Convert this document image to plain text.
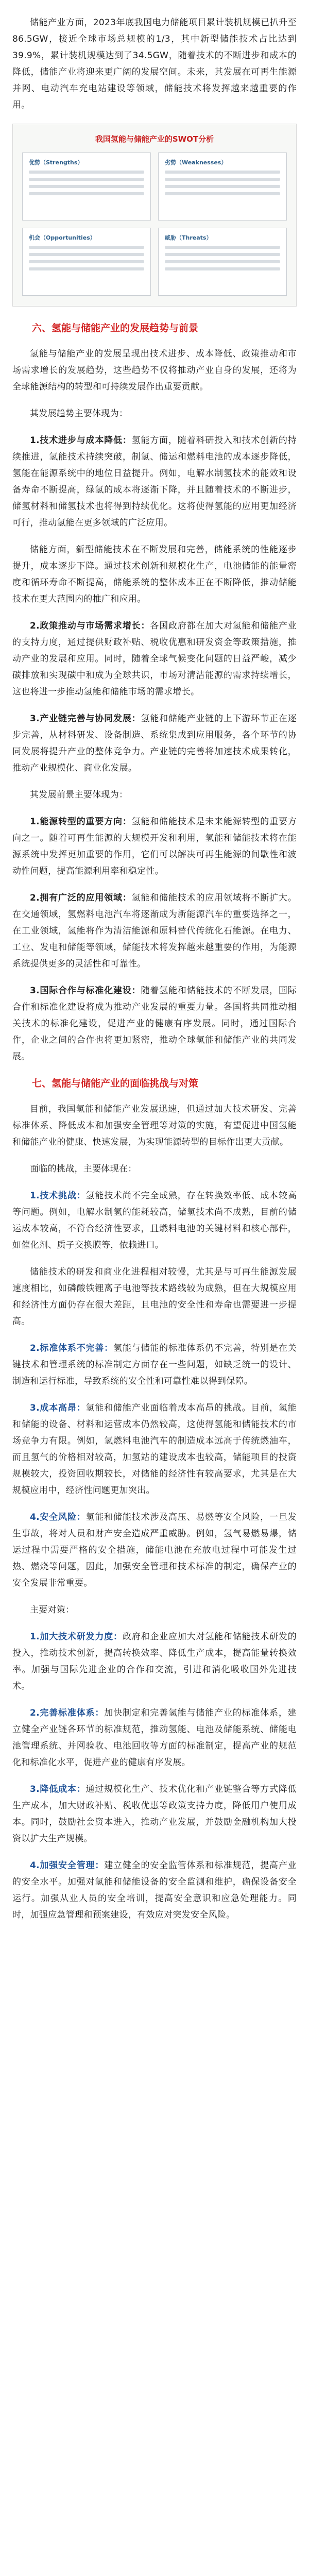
储能产业方面，2023年底我国电力储能项目累计装机规模已扒升至86.5GW，接近全球市场总规模的1/3，其中新型储能技术占比达到39.9%，累计装机规模达到了34.5GW，随着技术的不断进步和成本的降低，储能产业将迎来更广阔的发展空间。未来，其发展在可再生能源并网、电动汽车充电站建设等领域，储能技术将发挥越来越重要的作用。

我国氢能与储能产业的SWOT分析
优势（Strengths）	劣势（Weaknesses）
机会（Opportunities）	威胁（Threats）
六、氢能与储能产业的发展趋势与前景

氢能与储能产业的发展呈现出技术进步、成本降低、政策推动和市场需求增长的发展趋势，这些趋势不仅将推动产业自身的发展，还将为全球能源结构的转型和可持续发展作出重要贡献。

其发展趋势主要体现为：

1.技术进步与成本降低：氢能方面，随着科研投入和技术创新的持续推进，氢能技术持续突破，制氢、储运和燃料电池的成本逐步降低，氢能在能源系统中的地位日益提升。例如，电解水制氢技术的能效和设备寿命不断提高，绿氢的成本将逐渐下降，并且随着技术的不断进步，储氢材料和储氢技术也将得到持续优化。这将使得氢能的应用更加经济可行，推动氢能在更多领域的广泛应用。

储能方面，新型储能技术在不断发展和完善，储能系统的性能逐步提升，成本逐步下降。通过技术创新和规模化生产，电池储能的能量密度和循环寿命不断提高，储能系统的整体成本正在不断降低，推动储能技术在更大范围内的推广和应用。

2.政策推动与市场需求增长：各国政府都在加大对氢能和储能产业的支持力度，通过提供财政补贴、税收优惠和研发资金等政策措施，推动产业的发展和应用。同时，随着全球气候变化问题的日益严峻，减少碳排放和实现碳中和成为全球共识，市场对清洁能源的需求持续增长，这也将进一步推动氢能和储能市场的需求增长。

3.产业链完善与协同发展：氢能和储能产业链的上下游环节正在逐步完善，从材料研发、设备制造、系统集成到应用服务，各个环节的协同发展将提升产业的整体竞争力。产业链的完善将加速技术成果转化，推动产业规模化、商业化发展。

其发展前景主要体现为：

1.能源转型的重要方向：氢能和储能技术是未来能源转型的重要方向之一。随着可再生能源的大规模开发和利用，氢能和储能技术将在能源系统中发挥更加重要的作用，它们可以解决可再生能源的间歇性和波动性问题，提高能源利用率和稳定性。

2.拥有广泛的应用领域：氢能和储能技术的应用领域将不断扩大。在交通领域，氢燃料电池汽车将逐渐成为新能源汽车的重要选择之一，在工业领域，氢能将作为清洁能源和原料替代传统化石能源。在电力、工业、发电和储能等领域，储能技术将发挥越来越重要的作用，为能源系统提供更多的灵活性和可靠性。

3.国际合作与标准化建设：随着氢能和储能技术的不断发展，国际合作和标准化建设将成为推动产业发展的重要力量。各国将共同推动相关技术的标准化建设，促进产业的健康有序发展。同时，通过国际合作，企业之间的合作也将更加紧密，推动全球氢能和储能产业的共同发展。

七、氢能与储能产业的面临挑战与对策

目前，我国氢能和储能产业发展迅速，但通过加大技术研发、完善标准体系、降低成本和加强安全管理等对策的实施，有望促进中国氢能和储能产业的健康、快速发展，为实现能源转型的目标作出更大贡献。

面临的挑战，主要体现在：

1.技术挑战：氢能技术尚不完全成熟，存在转换效率低、成本较高等问题。例如，电解水制氢的能耗较高，储氢技术尚不成熟，目前的储运成本较高，不符合经济性要求，且燃料电池的关键材料和核心部件，如催化剂、质子交换膜等，依赖进口。

储能技术的研发和商业化进程相对较慢，尤其是与可再生能源发展速度相比，如磷酸铁锂离子电池等技术路线较为成熟，但在大规模应用和经济性方面仍存在很大差距，且电池的安全性和寿命也需要进一步提高。

2.标准体系不完善：氢能与储能的标准体系仍不完善，特别是在关键技术和管理系统的标准制定方面存在一些问题，如缺乏统一的设计、制造和运行标准，导致系统的安全性和可靠性难以得到保障。

3.成本高昂：氢能和储能产业面临着成本高昂的挑战。目前，氢能和储能的设备、材料和运营成本仍然较高，这使得氢能和储能技术的市场竞争力有限。例如，氢燃料电池汽车的制造成本远高于传统燃油车，而且氢气的价格相对较高，加氢站的建设成本也较高，储能项目的投资规模较大，投资回收期较长，对储能的经济性有较高要求，尤其是在大规模应用中，经济性问题更加突出。

4.安全风险：氢能和储能技术涉及高压、易燃等安全风险，一旦发生事故，将对人员和财产安全造成严重威胁。例如，氢气易燃易爆，储运过程中需要严格的安全措施，储能电池在充放电过程中可能发生过热、燃烧等问题，因此，加强安全管理和技术标准的制定，确保产业的安全发展非常重要。

主要对策：

1.加大技术研发力度：政府和企业应加大对氢能和储能技术研发的投入，推动技术创新，提高转换效率、降低生产成本，提高能量转换效率。加强与国际先进企业的合作和交流，引进和消化吸收国外先进技术。

2.完善标准体系：加快制定和完善氢能与储能产业的标准体系，建立健全产业链各环节的标准规范，推动氢能、电池及储能系统、储能电池管理系统、并网验收、电池回收等方面的标准制定，提高产业的规范化和标准化水平，促进产业的健康有序发展。

3.降低成本：通过规模化生产、技术优化和产业链整合等方式降低生产成本，加大财政补贴、税收优惠等政策支持力度，降低用户使用成本。同时，鼓励社会资本进入，推动产业发展，并鼓励金融机构加大投资以扩大生产规模。

4.加强安全管理：建立健全的安全监管体系和标准规范，提高产业的安全水平。加强对氢能和储能设备的安全监测和维护，确保设备安全运行。加强从业人员的安全培训，提高安全意识和应急处理能力。同时，加强应急管理和预案建设，有效应对突发安全风险。
